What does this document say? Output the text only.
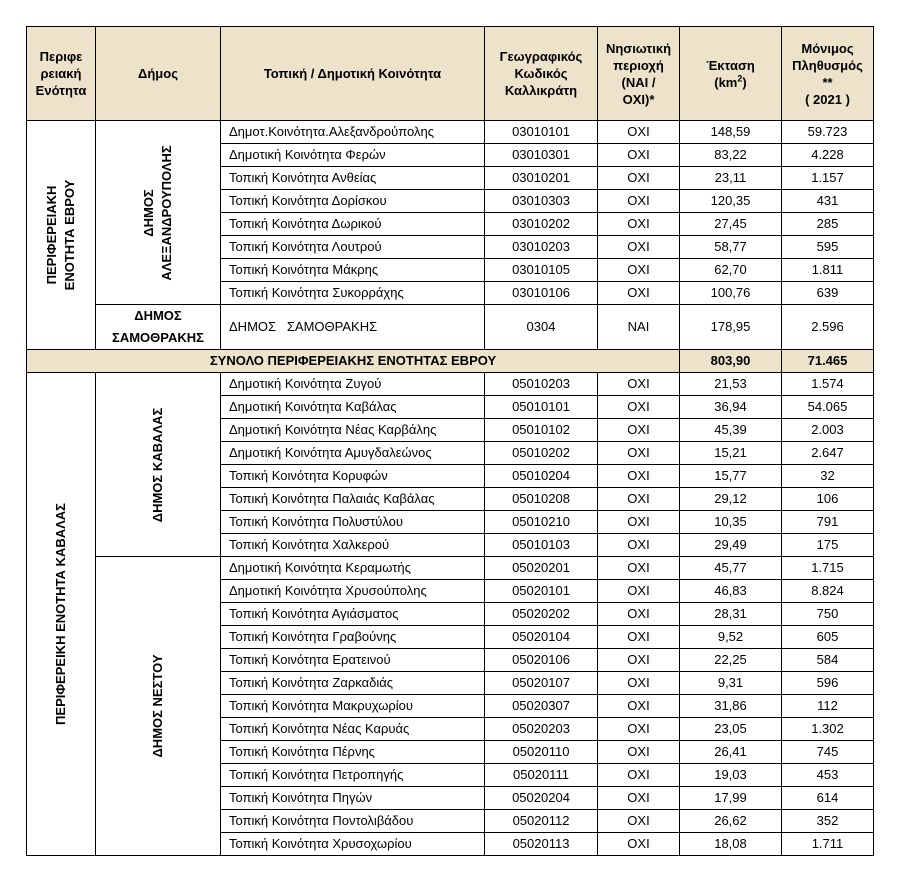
Περιφε
ρειακή
Ενότητα	Δήμος	Τοπική / Δημοτική Κοινότητα	Γεωγραφικός
Κωδικός
Καλλικράτη	Νησιωτική
περιοχή
(ΝΑΙ /
ΟΧΙ)*	Έκταση
$(km^2)$	Μόνιμος
Πληθυσμός
**
( 2021 )

ΠΕΡΙΦΕΡΕΙΑΚΗ ΕΝΟΤΗΤΑ ΕΒΡΟΥ	ΔΗΜΟΣ ΑΛΕΞΑΝΔΡΟΥΠΟΛΗΣ	Δημοτ.Κοινότητα.Αλεξανδρούπολης	03010101	ΟΧΙ	148,59	59.723
		Δημοτική Κοινότητα Φερών	03010301	ΟΧΙ	83,22	4.228
		Τοπική Κοινότητα Ανθείας	03010201	ΟΧΙ	23,11	1.157
		Τοπική Κοινότητα Δορίσκου	03010303	ΟΧΙ	120,35	431
		Τοπική Κοινότητα Δωρικού	03010202	ΟΧΙ	27,45	285
		Τοπική Κοινότητα Λουτρού	03010203	ΟΧΙ	58,77	595
		Τοπική Κοινότητα Μάκρης	03010105	ΟΧΙ	62,70	1.811
		Τοπική Κοινότητα Συκορράχης	03010106	ΟΧΙ	100,76	639

	ΔΗΜΟΣ
ΣΑΜΟΘΡΑΚΗΣ	ΔΗΜΟΣ   ΣΑΜΟΘΡΑΚΗΣ	0304	ΝΑΙ	178,95	2.596
ΣΥΝΟΛΟ ΠΕΡΙΦΕΡΕΙΑΚΗΣ ΕΝΟΤΗΤΑΣ ΕΒΡΟΥ					803,90	71.465

ΠΕΡΙΦΕΡΕΙΚΗ ΕΝΟΤΗΤΑ ΚΑΒΑΛΑΣ	ΔΗΜΟΣ ΚΑΒΑΛΑΣ	Δημοτική Κοινότητα Ζυγού	05010203	ΟΧΙ	21,53	1.574
		Δημοτική Κοινότητα Καβάλας	05010101	ΟΧΙ	36,94	54.065
		Δημοτική Κοινότητα Νέας Καρβάλης	05010102	ΟΧΙ	45,39	2.003
		Δημοτική Κοινότητα Αμυγδαλεώνος	05010202	ΟΧΙ	15,21	2.647
		Τοπική Κοινότητα Κορυφών	05010204	ΟΧΙ	15,77	32
		Τοπική Κοινότητα Παλαιάς Καβάλας	05010208	ΟΧΙ	29,12	106
		Τοπική Κοινότητα Πολυστύλου	05010210	ΟΧΙ	10,35	791
		Τοπική Κοινότητα Χαλκερού	05010103	ΟΧΙ	29,49	175

	ΔΗΜΟΣ ΝΕΣΤΟΥ	Δημοτική Κοινότητα Κεραμωτής	05020201	ΟΧΙ	45,77	1.715
		Δημοτική Κοινότητα Χρυσούπολης	05020101	ΟΧΙ	46,83	8.824
		Τοπική Κοινότητα Αγιάσματος	05020202	ΟΧΙ	28,31	750
		Τοπική Κοινότητα Γραβούνης	05020104	ΟΧΙ	9,52	605
		Τοπική Κοινότητα Ερατεινού	05020106	ΟΧΙ	22,25	584
		Τοπική Κοινότητα Ζαρκαδιάς	05020107	ΟΧΙ	9,31	596
		Τοπική Κοινότητα Μακρυχωρίου	05020307	ΟΧΙ	31,86	112
		Τοπική Κοινότητα Νέας Καρυάς	05020203	ΟΧΙ	23,05	1.302
		Τοπική Κοινότητα Πέρνης	05020110	ΟΧΙ	26,41	745
		Τοπική Κοινότητα Πετροπηγής	05020111	ΟΧΙ	19,03	453
		Τοπική Κοινότητα Πηγών	05020204	ΟΧΙ	17,99	614
		Τοπική Κοινότητα Ποντολιβάδου	05020112	ΟΧΙ	26,62	352
		Τοπική Κοινότητα Χρυσοχωρίου	05020113	ΟΧΙ	18,08	1.711
